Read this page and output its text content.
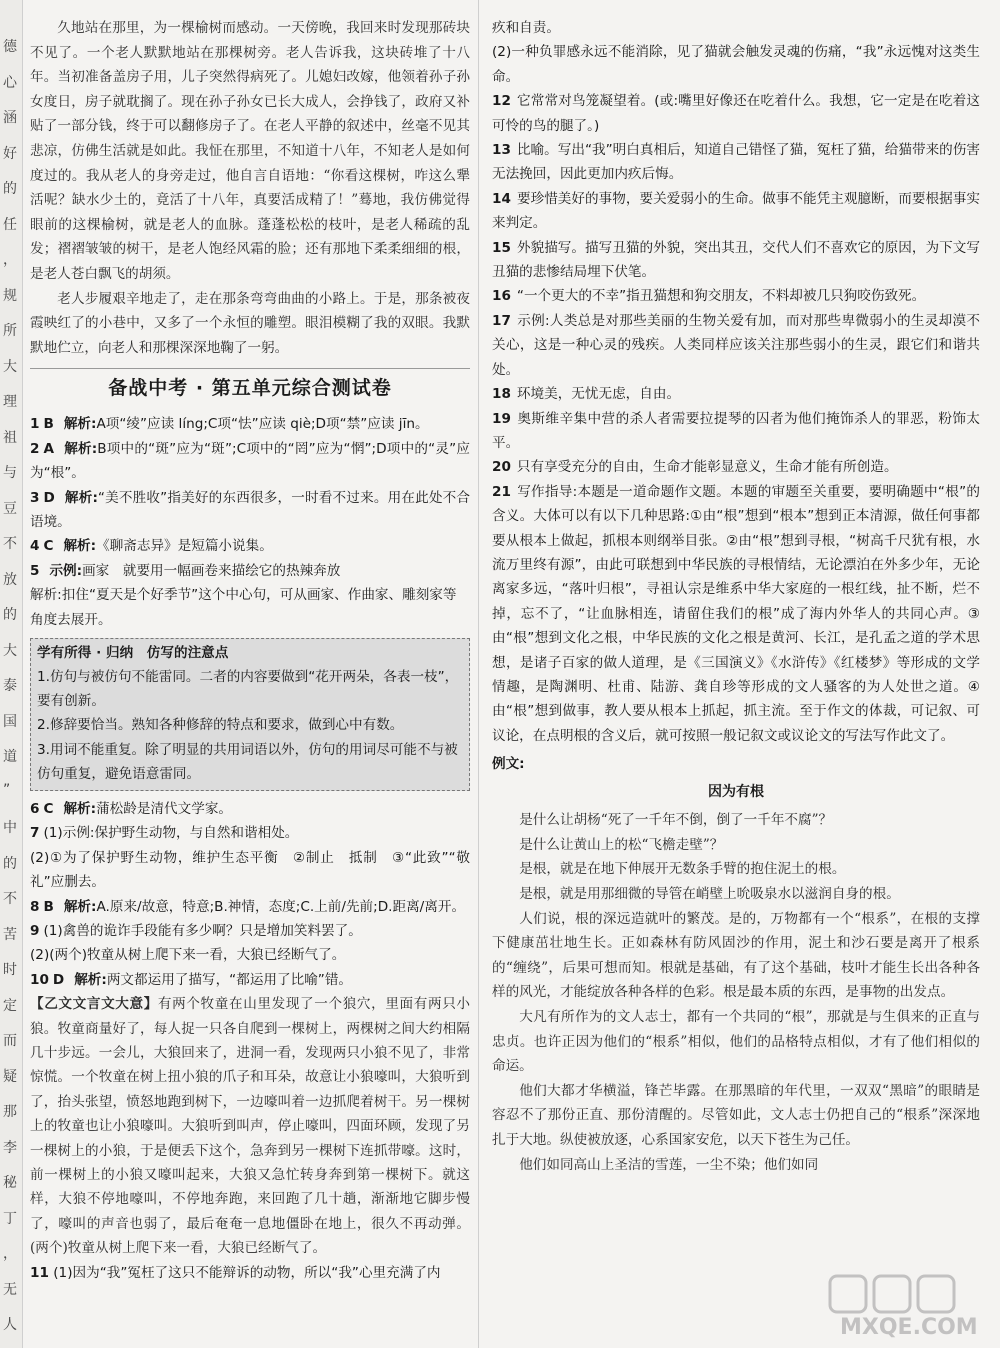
德
心
涵
好
的
任
，
规
所
大
理
祖
与
豆
不
放
的
大
泰
国
道
”
中
的
不
苦
时
定
而
疑
那
李
秘
丁
，
无
人

久地站在那里，为一棵榆树而感动。一天傍晚，我回来时发现那砖块不见了。一个老人默默地站在那棵树旁。老人告诉我，这块砖堆了十八年。当初准备盖房子用，儿子突然得病死了。儿媳妇改嫁，他领着孙子孙女度日，房子就耽搁了。现在孙子孙女已长大成人，会挣钱了，政府又补贴了一部分钱，终于可以翻修房子了。在老人平静的叙述中，丝毫不见其悲凉，仿佛生活就是如此。我怔在那里，不知道十八年，不知老人是如何度过的。我从老人的身旁走过，他自言自语地：“你看这棵树，咋这么犟活呢？缺水少土的，竟活了十八年，真要活成精了！”蓦地，我仿佛觉得眼前的这棵榆树，就是老人的血脉。蓬蓬松松的枝叶，是老人稀疏的乱发；褶褶皱皱的树干，是老人饱经风霜的脸；还有那地下柔柔细细的根，是老人苍白飘飞的胡须。

老人步履艰辛地走了，走在那条弯弯曲曲的小路上。于是，那条被夜霞映红了的小巷中，又多了一个永恒的雕塑。眼泪模糊了我的双眼。我默默地伫立，向老人和那棵深深地鞠了一躬。

备战中考 · 第五单元综合测试卷

1 B 解析:A项“绫”应读 líng;C项“怯”应读 qiè;D项“禁”应读 jīn。

2 A 解析:B项中的“斑”应为“斑”;C项中的“罔”应为“惘”;D项中的“灵”应为“根”。

3 D 解析:“美不胜收”指美好的东西很多，一时看不过来。用在此处不合语境。

4 C 解析:《聊斋志异》是短篇小说集。

5 示例:画家　就要用一幅画卷来描绘它的热辣奔放

解析:扣住“夏天是个好季节”这个中心句，可从画家、作曲家、雕刻家等角度去展开。

学有所得 · 归纳　仿写的注意点

1.仿句与被仿句不能雷同。二者的内容要做到“花开两朵，各表一枝”，要有创新。

2.修辞要恰当。熟知各种修辞的特点和要求，做到心中有数。

3.用词不能重复。除了明显的共用词语以外，仿句的用词尽可能不与被仿句重复，避免语意雷同。

6 C 解析:蒲松龄是清代文学家。

7 (1)示例:保护野生动物，与自然和谐相处。

(2)①为了保护野生动物，维护生态平衡　②制止　抵制　③“此致”“敬礼”应删去。

8 B 解析:A.原来/故意，特意;B.神情，态度;C.上前/先前;D.距离/离开。

9 (1)禽兽的诡诈手段能有多少啊？只是增加笑料罢了。

(2)(两个)牧童从树上爬下来一看，大狼已经断气了。

10 D 解析:两文都运用了描写，“都运用了比喻”错。

【乙文文言文大意】有两个牧童在山里发现了一个狼穴，里面有两只小狼。牧童商量好了，每人捉一只各自爬到一棵树上，两棵树之间大约相隔几十步远。一会儿，大狼回来了，进洞一看，发现两只小狼不见了，非常惊慌。一个牧童在树上扭小狼的爪子和耳朵，故意让小狼嚎叫，大狼听到了，抬头张望，愤怒地跑到树下，一边嚎叫着一边抓爬着树干。另一棵树上的牧童也让小狼嚎叫。大狼听到叫声，停止嚎叫，四面环顾，发现了另一棵树上的小狼，于是便丢下这个，急奔到另一棵树下连抓带嚎。这时，前一棵树上的小狼又嚎叫起来，大狼又急忙转身奔到第一棵树下。就这样，大狼不停地嚎叫，不停地奔跑，来回跑了几十趟，渐渐地它脚步慢了，嚎叫的声音也弱了，最后奄奄一息地僵卧在地上，很久不再动弹。(两个)牧童从树上爬下来一看，大狼已经断气了。

11 (1)因为“我”冤枉了这只不能辩诉的动物，所以“我”心里充满了内

疚和自责。

(2)一种负罪感永远不能消除，见了猫就会触发灵魂的伤痛，“我”永远愧对这类生命。

12 它常常对鸟笼凝望着。(或:嘴里好像还在吃着什么。我想，它一定是在吃着这可怜的鸟的腿了。)

13 比喻。写出“我”明白真相后，知道自己错怪了猫，冤枉了猫，给猫带来的伤害无法挽回，因此更加内疚后悔。

14 要珍惜美好的事物，要关爱弱小的生命。做事不能凭主观臆断，而要根据事实来判定。

15 外貌描写。描写丑猫的外貌，突出其丑，交代人们不喜欢它的原因，为下文写丑猫的悲惨结局埋下伏笔。

16 “一个更大的不幸”指丑猫想和狗交朋友，不料却被几只狗咬伤致死。

17 示例:人类总是对那些美丽的生物关爱有加，而对那些卑微弱小的生灵却漠不关心，这是一种心灵的残疾。人类同样应该关注那些弱小的生灵，跟它们和谐共处。

18 环境美，无忧无虑，自由。

19 奥斯维辛集中营的杀人者需要拉提琴的囚者为他们掩饰杀人的罪恶，粉饰太平。

20 只有享受充分的自由，生命才能彰显意义，生命才能有所创造。

21 写作指导:本题是一道命题作文题。本题的审题至关重要，要明确题中“根”的含义。大体可以有以下几种思路:①由“根”想到“根本”想到正本清源，做任何事都要从根本上做起，抓根本则纲举目张。②由“根”想到寻根，“树高千尺犹有根，水流万里终有源”，由此可联想到中华民族的寻根情结，无论漂泊在外多少年，无论离家多远，“落叶归根”，寻祖认宗是维系中华大家庭的一根红线，扯不断，烂不掉，忘不了，“让血脉相连，请留住我们的根”成了海内外华人的共同心声。③由“根”想到文化之根，中华民族的文化之根是黄河、长江，是孔孟之道的学术思想，是诸子百家的做人道理，是《三国演义》《水浒传》《红楼梦》等形成的文学情趣，是陶渊明、杜甫、陆游、龚自珍等形成的文人骚客的为人处世之道。④由“根”想到做事，教人要从根本上抓起，抓主流。至于作文的体裁，可记叙、可议论，在点明根的含义后，就可按照一般记叙文或议论文的写法写作此文了。

例文:

因为有根

是什么让胡杨“死了一千年不倒，倒了一千年不腐”？

是什么让黄山上的松“飞檐走壁”？

是根，就是在地下伸展开无数条手臂的抱住泥土的根。

是根，就是用那细微的导管在峭壁上吮吸泉水以滋润自身的根。

人们说，根的深远造就叶的繁茂。是的，万物都有一个“根系”，在根的支撑下健康茁壮地生长。正如森林有防风固沙的作用，泥土和沙石要是离开了根系的“缠绕”，后果可想而知。根就是基础，有了这个基础，枝叶才能生长出各种各样的风光，才能绽放各种各样的色彩。根是最本质的东西，是事物的出发点。

大凡有所作为的文人志士，都有一个共同的“根”，那就是与生俱来的正直与忠贞。也许正因为他们的“根系”相似，他们的品格特点相似，才有了他们相似的命运。

他们大都才华横溢，锋芒毕露。在那黑暗的年代里，一双双“黑暗”的眼睛是容忍不了那份正直、那份清醒的。尽管如此，文人志士仍把自己的“根系”深深地扎于大地。纵使被放逐，心系国家安危，以天下苍生为己任。

他们如同高山上圣洁的雪莲，一尘不染；他们如同

MXQE.COM
